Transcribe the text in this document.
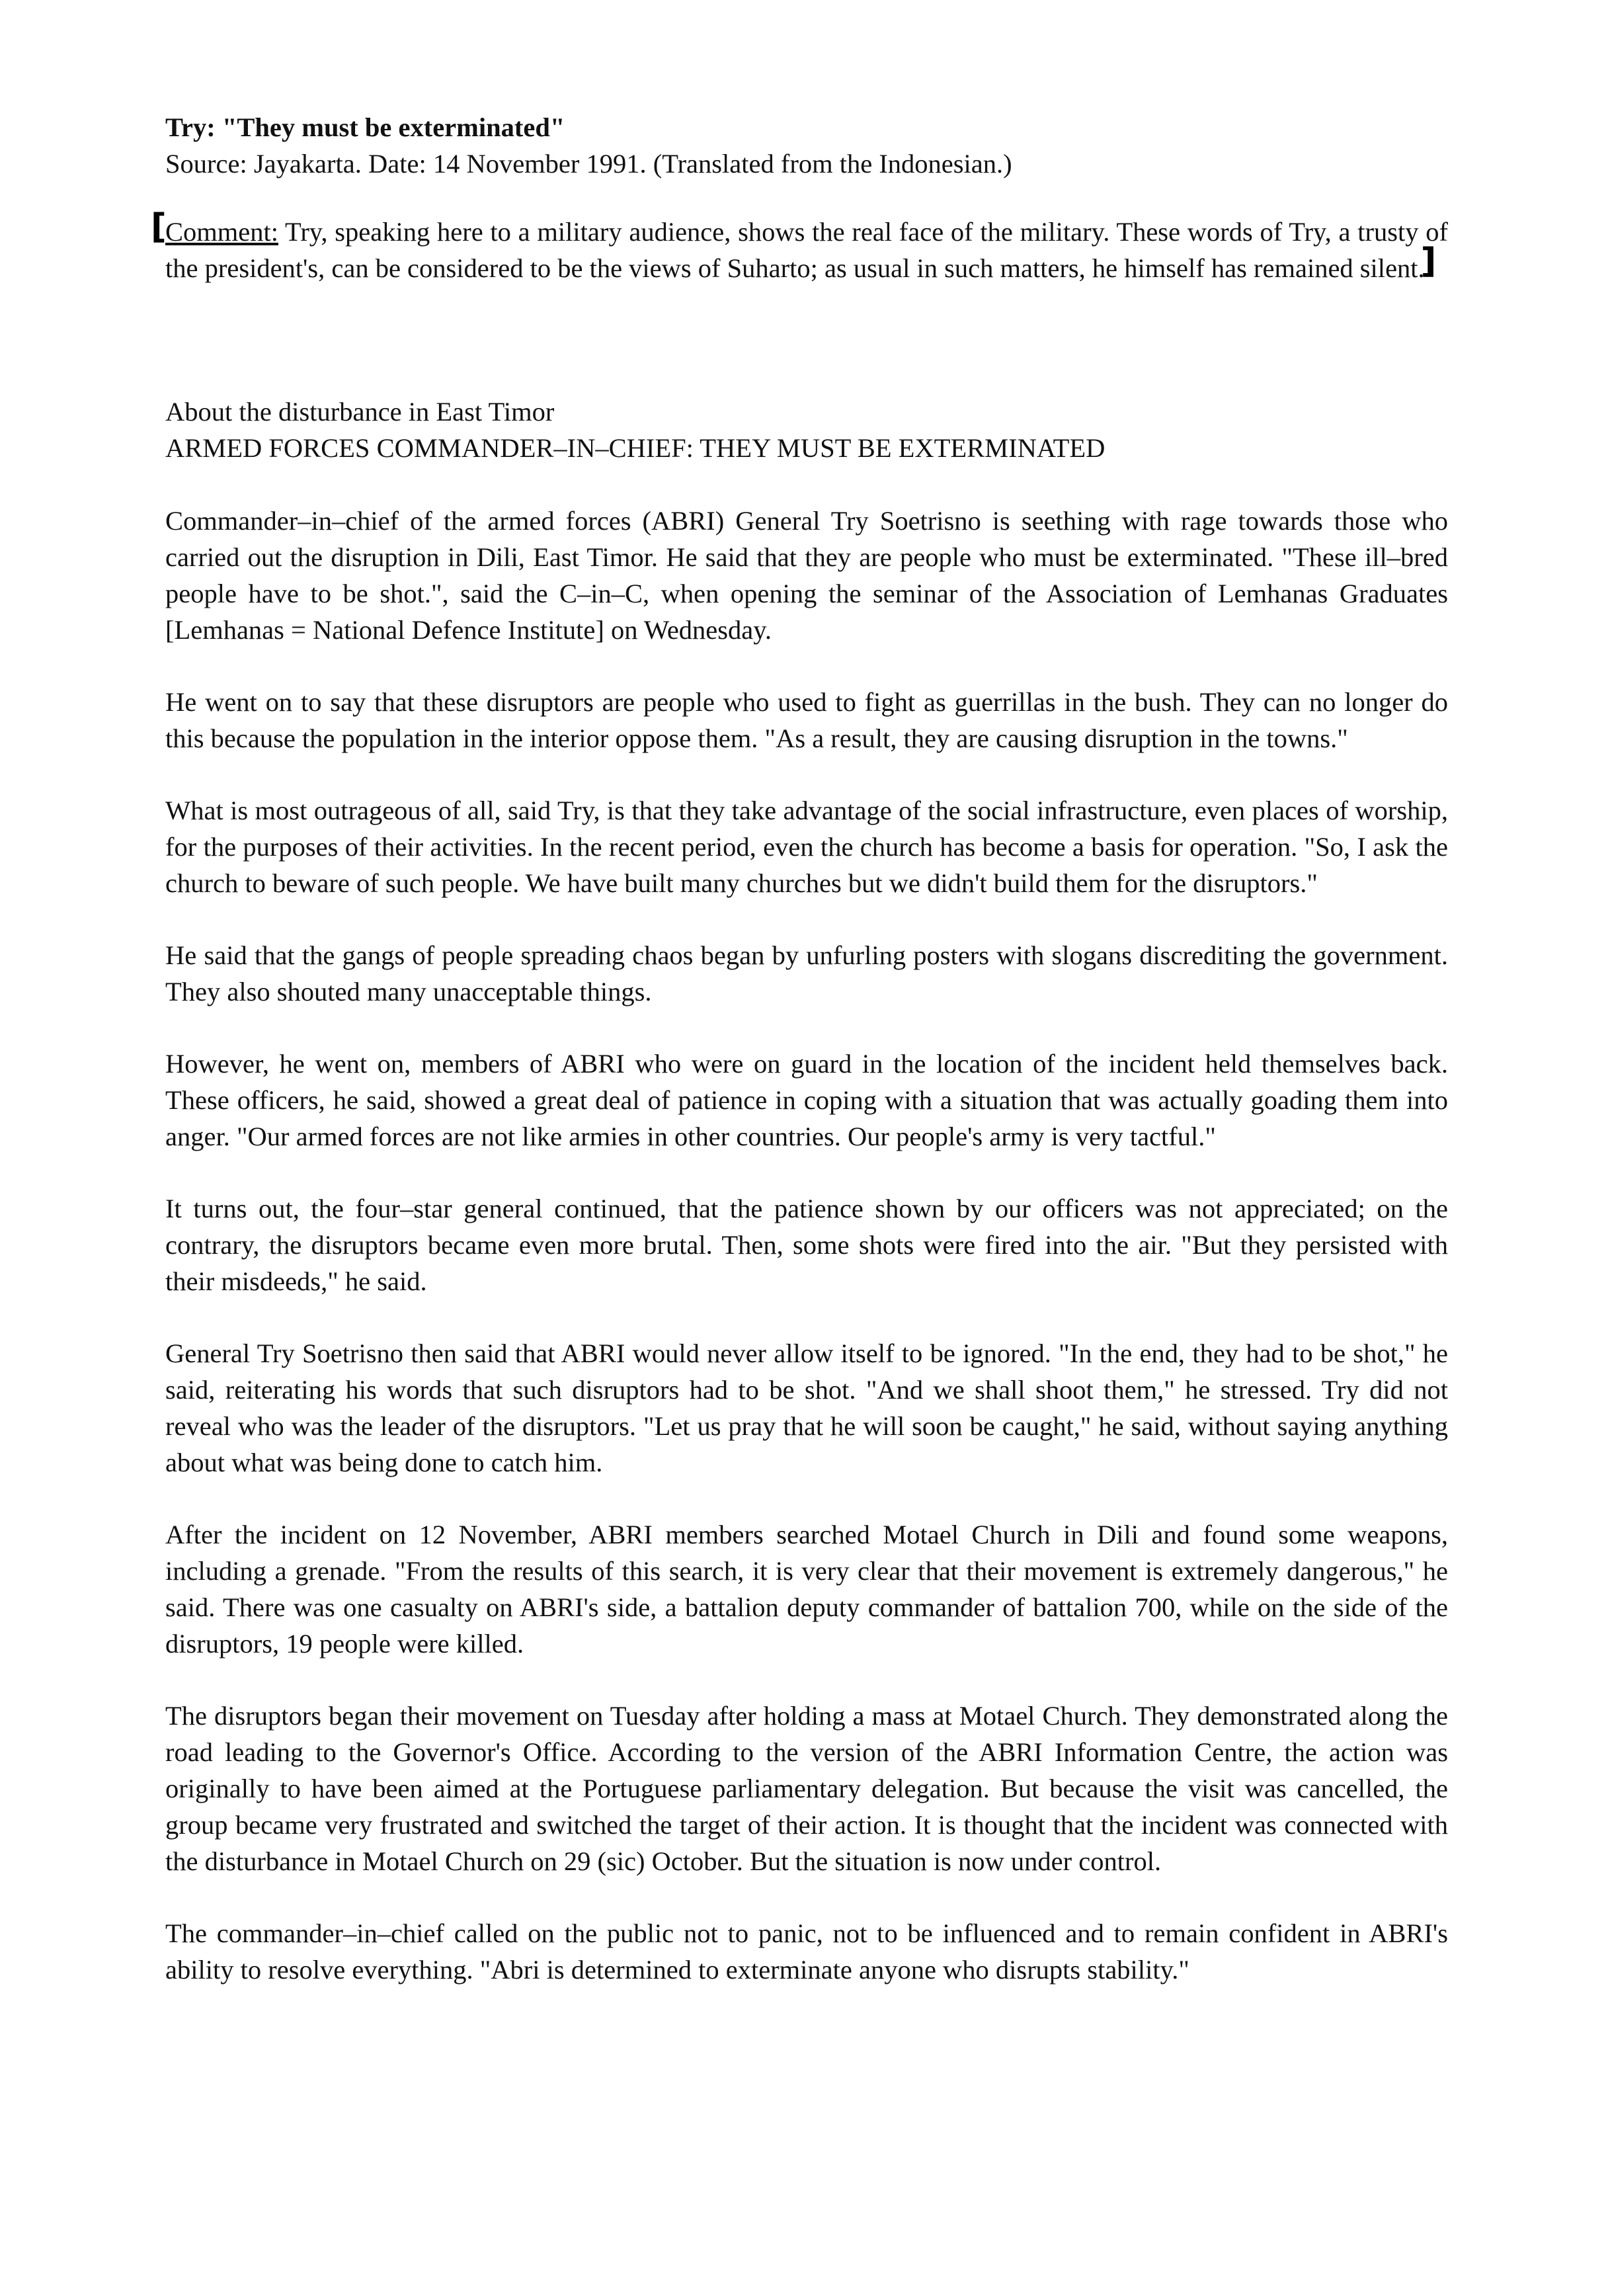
Try: "They must be exterminated"

Source: Jayakarta. Date: 14 November 1991. (Translated from the Indonesian.)

[
Comment: Try, speaking here to a military audience, shows the real face of the military. These words of Try, a trusty of the president's, can be considered to be the views of Suharto; as usual in such matters, he himself has remained silent.
]

About the disturbance in East Timor

ARMED FORCES COMMANDER–IN–CHIEF: THEY MUST BE EXTERMINATED

Commander–in–chief of the armed forces (ABRI) General Try Soetrisno is seething with rage towards those who carried out the disruption in Dili, East Timor. He said that they are people who must be exterminated. "These ill–bred people have to be shot.", said the C–in–C, when opening the seminar of the Association of Lemhanas Graduates [Lemhanas = National Defence Institute] on Wednesday.

He went on to say that these disruptors are people who used to fight as guerrillas in the bush. They can no longer do this because the population in the interior oppose them. "As a result, they are causing disruption in the towns."

What is most outrageous of all, said Try, is that they take advantage of the social infrastructure, even places of worship, for the purposes of their activities. In the recent period, even the church has become a basis for operation. "So, I ask the church to beware of such people. We have built many churches but we didn't build them for the disruptors."

He said that the gangs of people spreading chaos began by unfurling posters with slogans discrediting the government. They also shouted many unacceptable things.

However, he went on, members of ABRI who were on guard in the location of the incident held themselves back. These officers, he said, showed a great deal of patience in coping with a situation that was actually goading them into anger. "Our armed forces are not like armies in other countries. Our people's army is very tactful."

It turns out, the four–star general continued, that the patience shown by our officers was not appreciated; on the contrary, the disruptors became even more brutal. Then, some shots were fired into the air. "But they persisted with their misdeeds," he said.

General Try Soetrisno then said that ABRI would never allow itself to be ignored. "In the end, they had to be shot," he said, reiterating his words that such disruptors had to be shot. "And we shall shoot them," he stressed. Try did not reveal who was the leader of the disruptors. "Let us pray that he will soon be caught," he said, without saying anything about what was being done to catch him.

After the incident on 12 November, ABRI members searched Motael Church in Dili and found some weapons, including a grenade. "From the results of this search, it is very clear that their movement is extremely dangerous," he said. There was one casualty on ABRI's side, a battalion deputy commander of battalion 700, while on the side of the disruptors, 19 people were killed.

The disruptors began their movement on Tuesday after holding a mass at Motael Church. They demonstrated along the road leading to the Governor's Office. According to the version of the ABRI Information Centre, the action was originally to have been aimed at the Portuguese parliamentary delegation. But because the visit was cancelled, the group became very frustrated and switched the target of their action. It is thought that the incident was connected with the disturbance in Motael Church on 29 (sic) October. But the situation is now under control.

The commander–in–chief called on the public not to panic, not to be influenced and to remain confident in ABRI's ability to resolve everything. "Abri is determined to exterminate anyone who disrupts stability."
